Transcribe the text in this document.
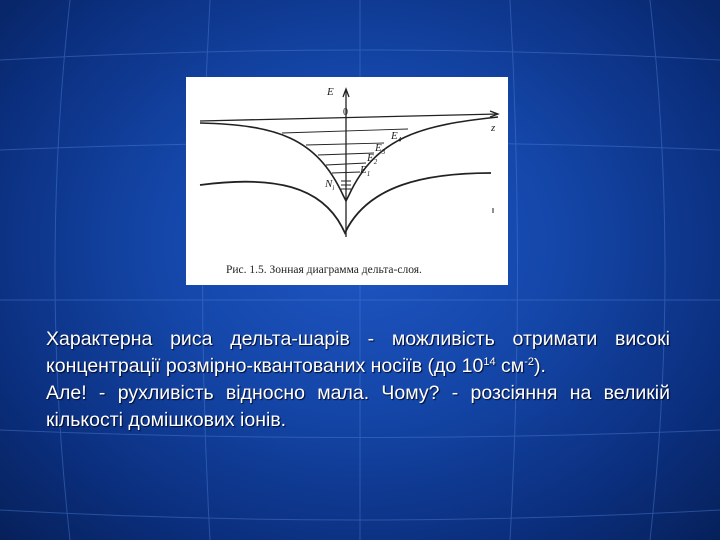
E
z
0
$E_4$
$E_3$
$E_2$
$E_1$
$N_i$
Рис. 1.5. Зонная диаграмма дельта-слоя.

Характерна риса дельта-шарів - можливість отримати високі концентрації розмірно-квантованих носіїв (до $10^{14}$ $см^{-2}$).

Але! - рухливість відносно мала. Чому? - розсіяння на великій кількості домішкових іонів.
